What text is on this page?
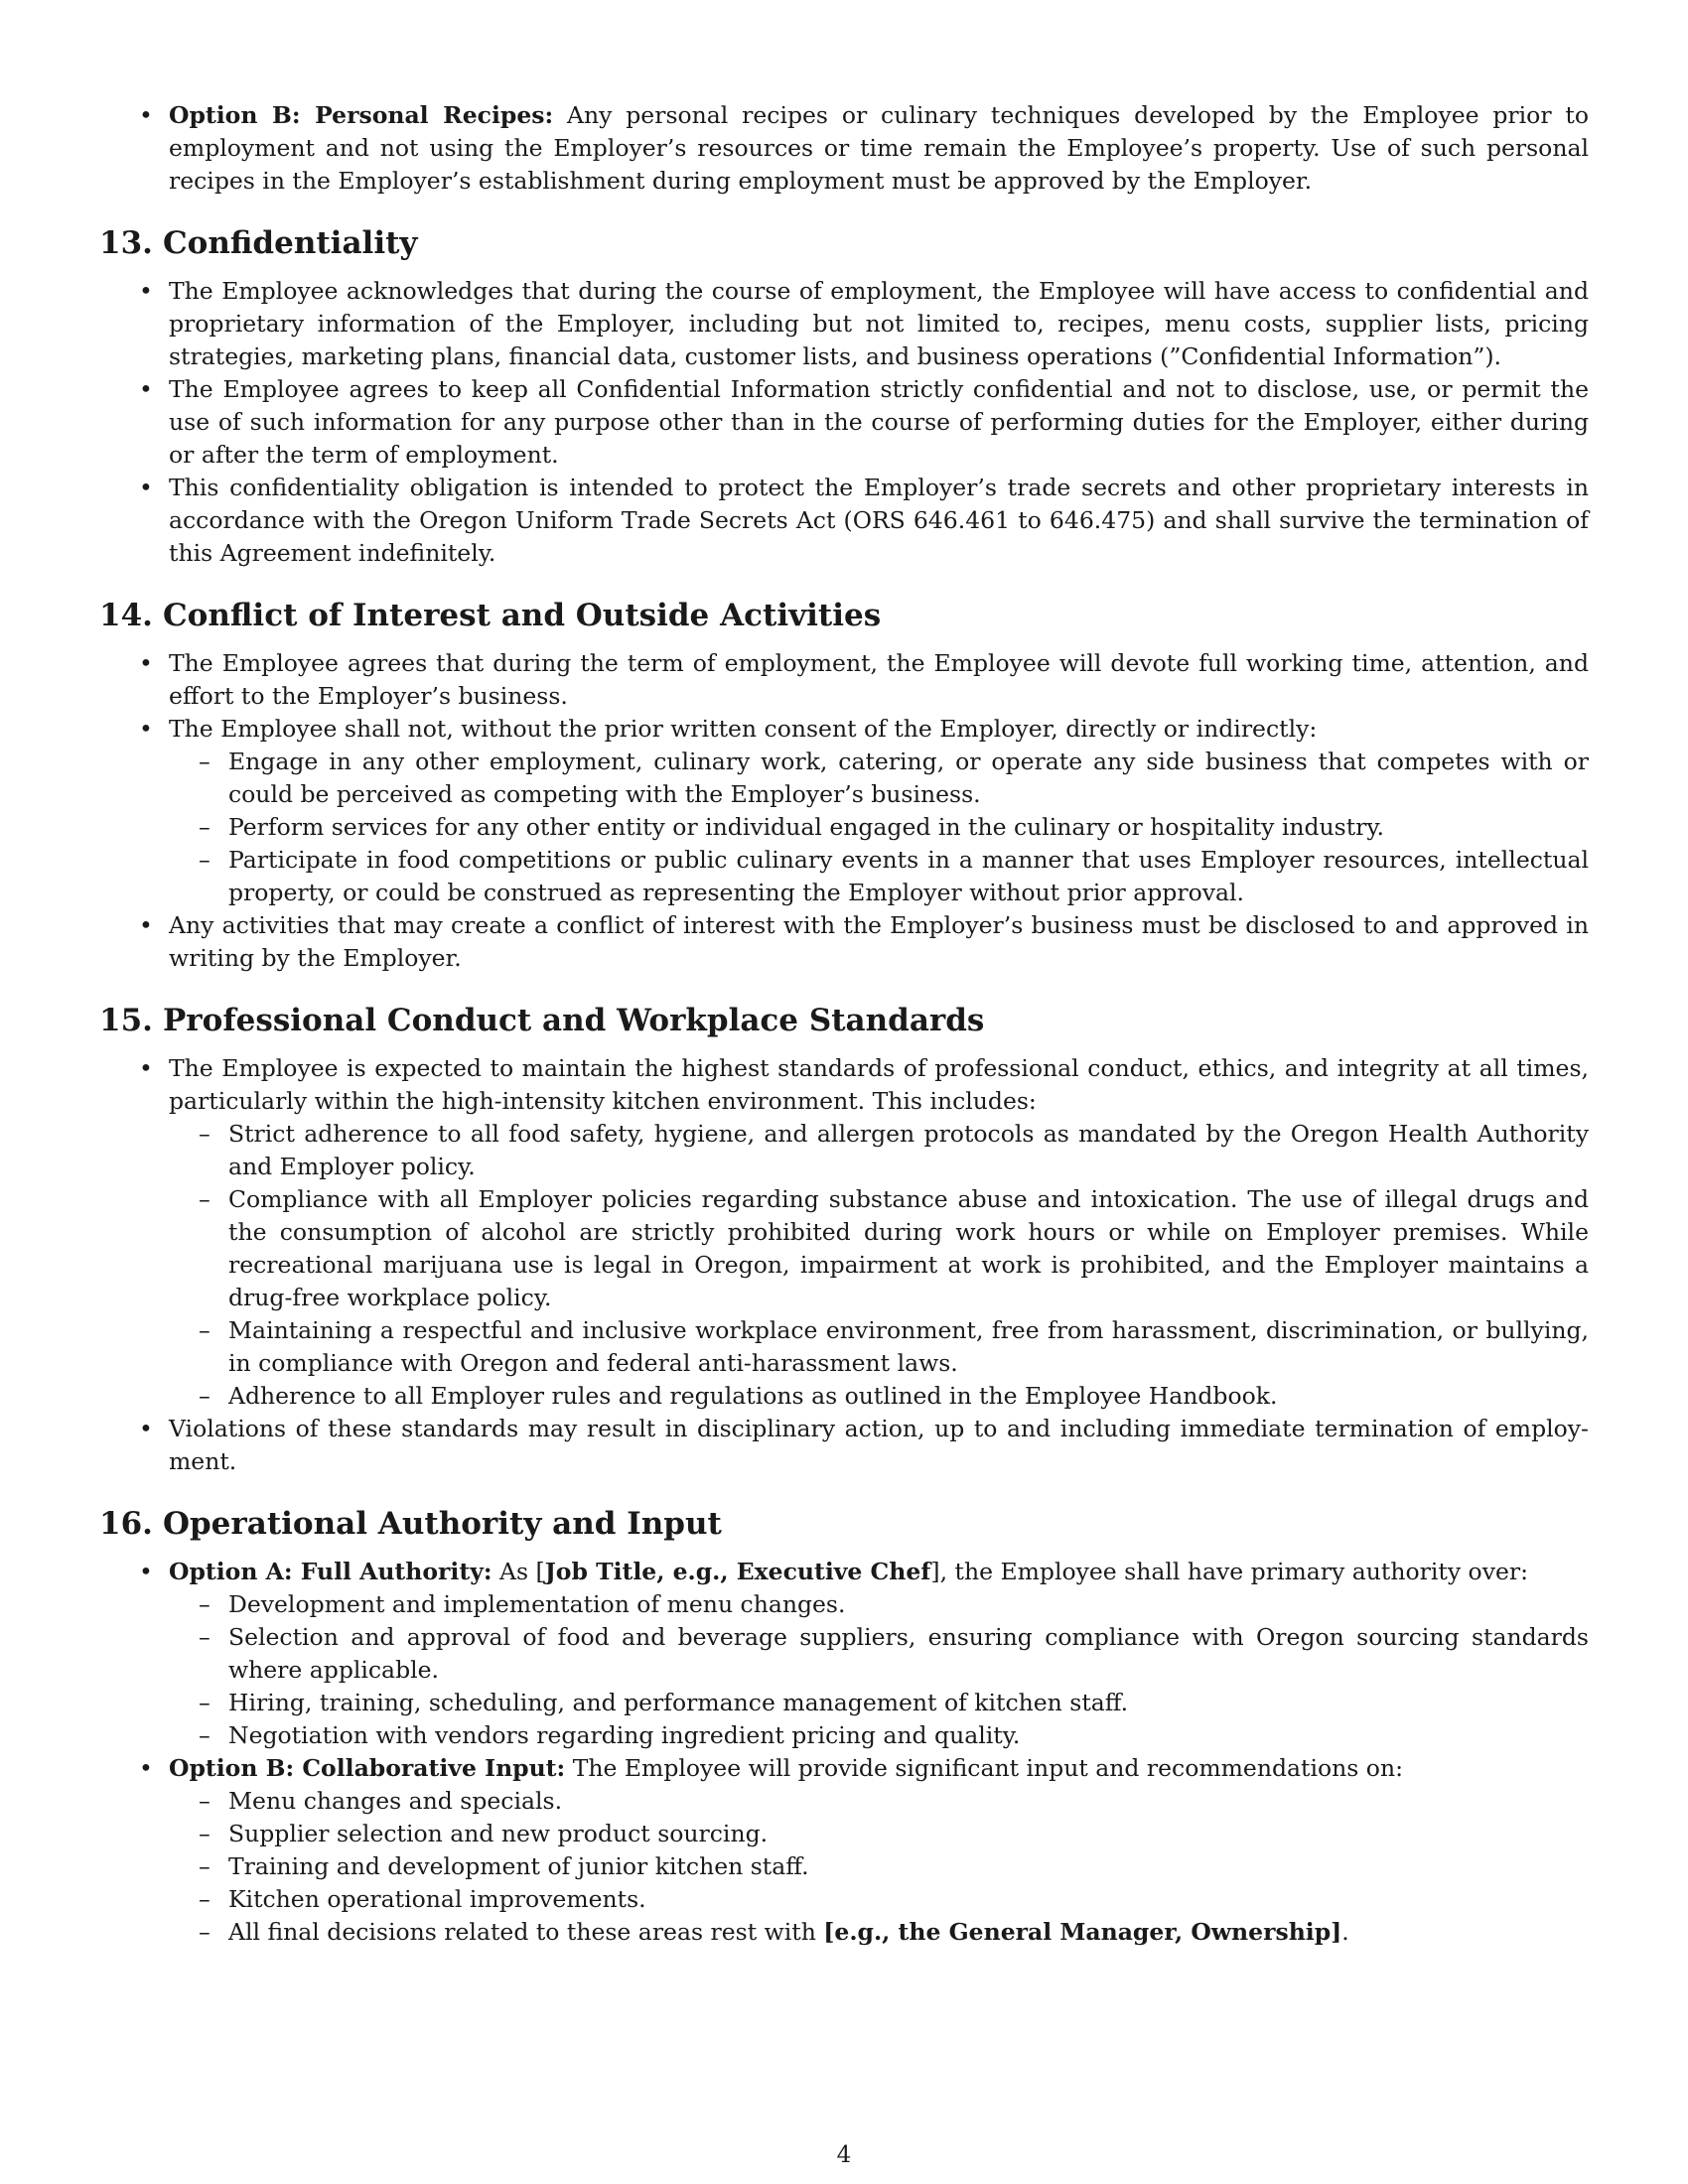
• Option B: Personal Recipes: Any personal recipes or culinary techniques developed by the Employee prior to employment and not using the Employer’s resources or time remain the Employee’s property. Use of such personal recipes in the Employer’s establishment during employment must be approved by the Employer.
13. Confidentiality
• The Employee acknowledges that during the course of employment, the Employee will have access to confidential and proprietary information of the Employer, including but not limited to, recipes, menu costs, supplier lists, pricing strategies, marketing plans, financial data, customer lists, and business operations (”Confidential Information”).
• The Employee agrees to keep all Confidential Information strictly confidential and not to disclose, use, or permit the use of such information for any purpose other than in the course of performing duties for the Employer, either during or after the term of employment.
• This confidentiality obligation is intended to protect the Employer’s trade secrets and other proprietary interests in accordance with the Oregon Uniform Trade Secrets Act (ORS 646.461 to 646.475) and shall survive the termination of this Agreement indefinitely.
14. Conflict of Interest and Outside Activities
• The Employee agrees that during the term of employment, the Employee will devote full working time, attention, and effort to the Employer’s business.
• The Employee shall not, without the prior written consent of the Employer, directly or indirectly:
– Engage in any other employment, culinary work, catering, or operate any side business that competes with or could be perceived as competing with the Employer’s business.
– Perform services for any other entity or individual engaged in the culinary or hospitality industry.
– Participate in food competitions or public culinary events in a manner that uses Employer resources, intellectual property, or could be construed as representing the Employer without prior approval.
• Any activities that may create a conflict of interest with the Employer’s business must be disclosed to and approved in writing by the Employer.
15. Professional Conduct and Workplace Standards
• The Employee is expected to maintain the highest standards of professional conduct, ethics, and integrity at all times, particularly within the high-intensity kitchen environment. This includes:
– Strict adherence to all food safety, hygiene, and allergen protocols as mandated by the Oregon Health Authority and Employer policy.
– Compliance with all Employer policies regarding substance abuse and intoxication. The use of illegal drugs and the consumption of alcohol are strictly prohibited during work hours or while on Employer premises. While recreational marijuana use is legal in Oregon, impairment at work is prohibited, and the Employer maintains a drug-free workplace policy.
– Maintaining a respectful and inclusive workplace environment, free from harassment, discrimination, or bullying, in compliance with Oregon and federal anti-harassment laws.
– Adherence to all Employer rules and regulations as outlined in the Employee Handbook.
• Violations of these standards may result in disciplinary action, up to and including immediate termination of employ- ment.
16. Operational Authority and Input
• Option A: Full Authority: As [Job Title, e.g., Executive Chef], the Employee shall have primary authority over:
– Development and implementation of menu changes.
– Selection and approval of food and beverage suppliers, ensuring compliance with Oregon sourcing standards where applicable.
– Hiring, training, scheduling, and performance management of kitchen staff.
– Negotiation with vendors regarding ingredient pricing and quality.
• Option B: Collaborative Input: The Employee will provide significant input and recommendations on:
– Menu changes and specials.
– Supplier selection and new product sourcing.
– Training and development of junior kitchen staff.
– Kitchen operational improvements.
– All final decisions related to these areas rest with [e.g., the General Manager, Ownership].
4
